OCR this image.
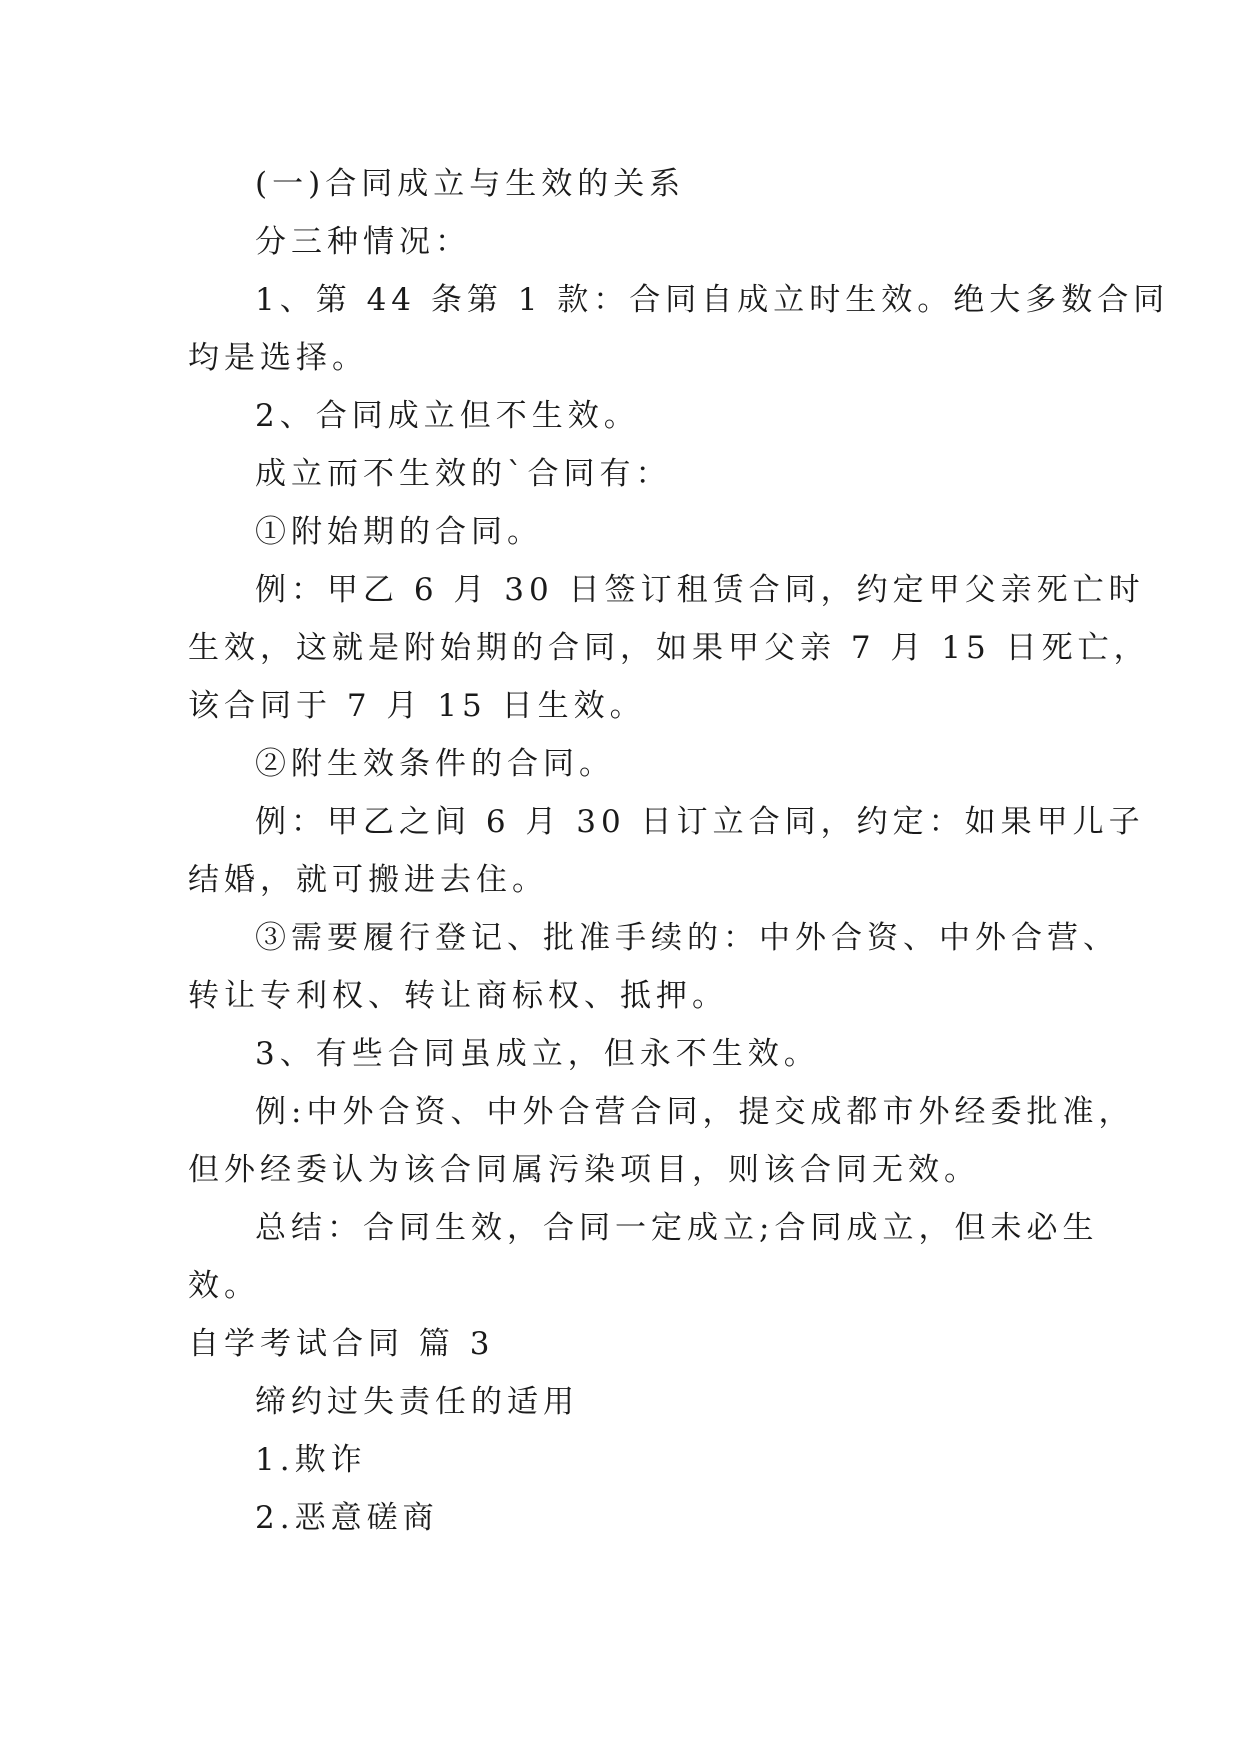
(一)合同成立与生效的关系
分三种情况：
1、第 44 条第 1 款：合同自成立时生效。绝大多数合同
均是选择。
2、合同成立但不生效。
成立而不生效的`合同有：
①附始期的合同。
例：甲乙 6 月 30 日签订租赁合同，约定甲父亲死亡时
生效，这就是附始期的合同，如果甲父亲 7 月 15 日死亡，
该合同于 7 月 15 日生效。
②附生效条件的合同。
例：甲乙之间 6 月 30 日订立合同，约定：如果甲儿子
结婚，就可搬进去住。
③需要履行登记、批准手续的：中外合资、中外合营、
转让专利权、转让商标权、抵押。
3、有些合同虽成立，但永不生效。
例:中外合资、中外合营合同，提交成都市外经委批准，
但外经委认为该合同属污染项目，则该合同无效。
总结：合同生效，合同一定成立;合同成立，但未必生
效。
自学考试合同 篇 3
缔约过失责任的适用
1.欺诈
2.恶意磋商
